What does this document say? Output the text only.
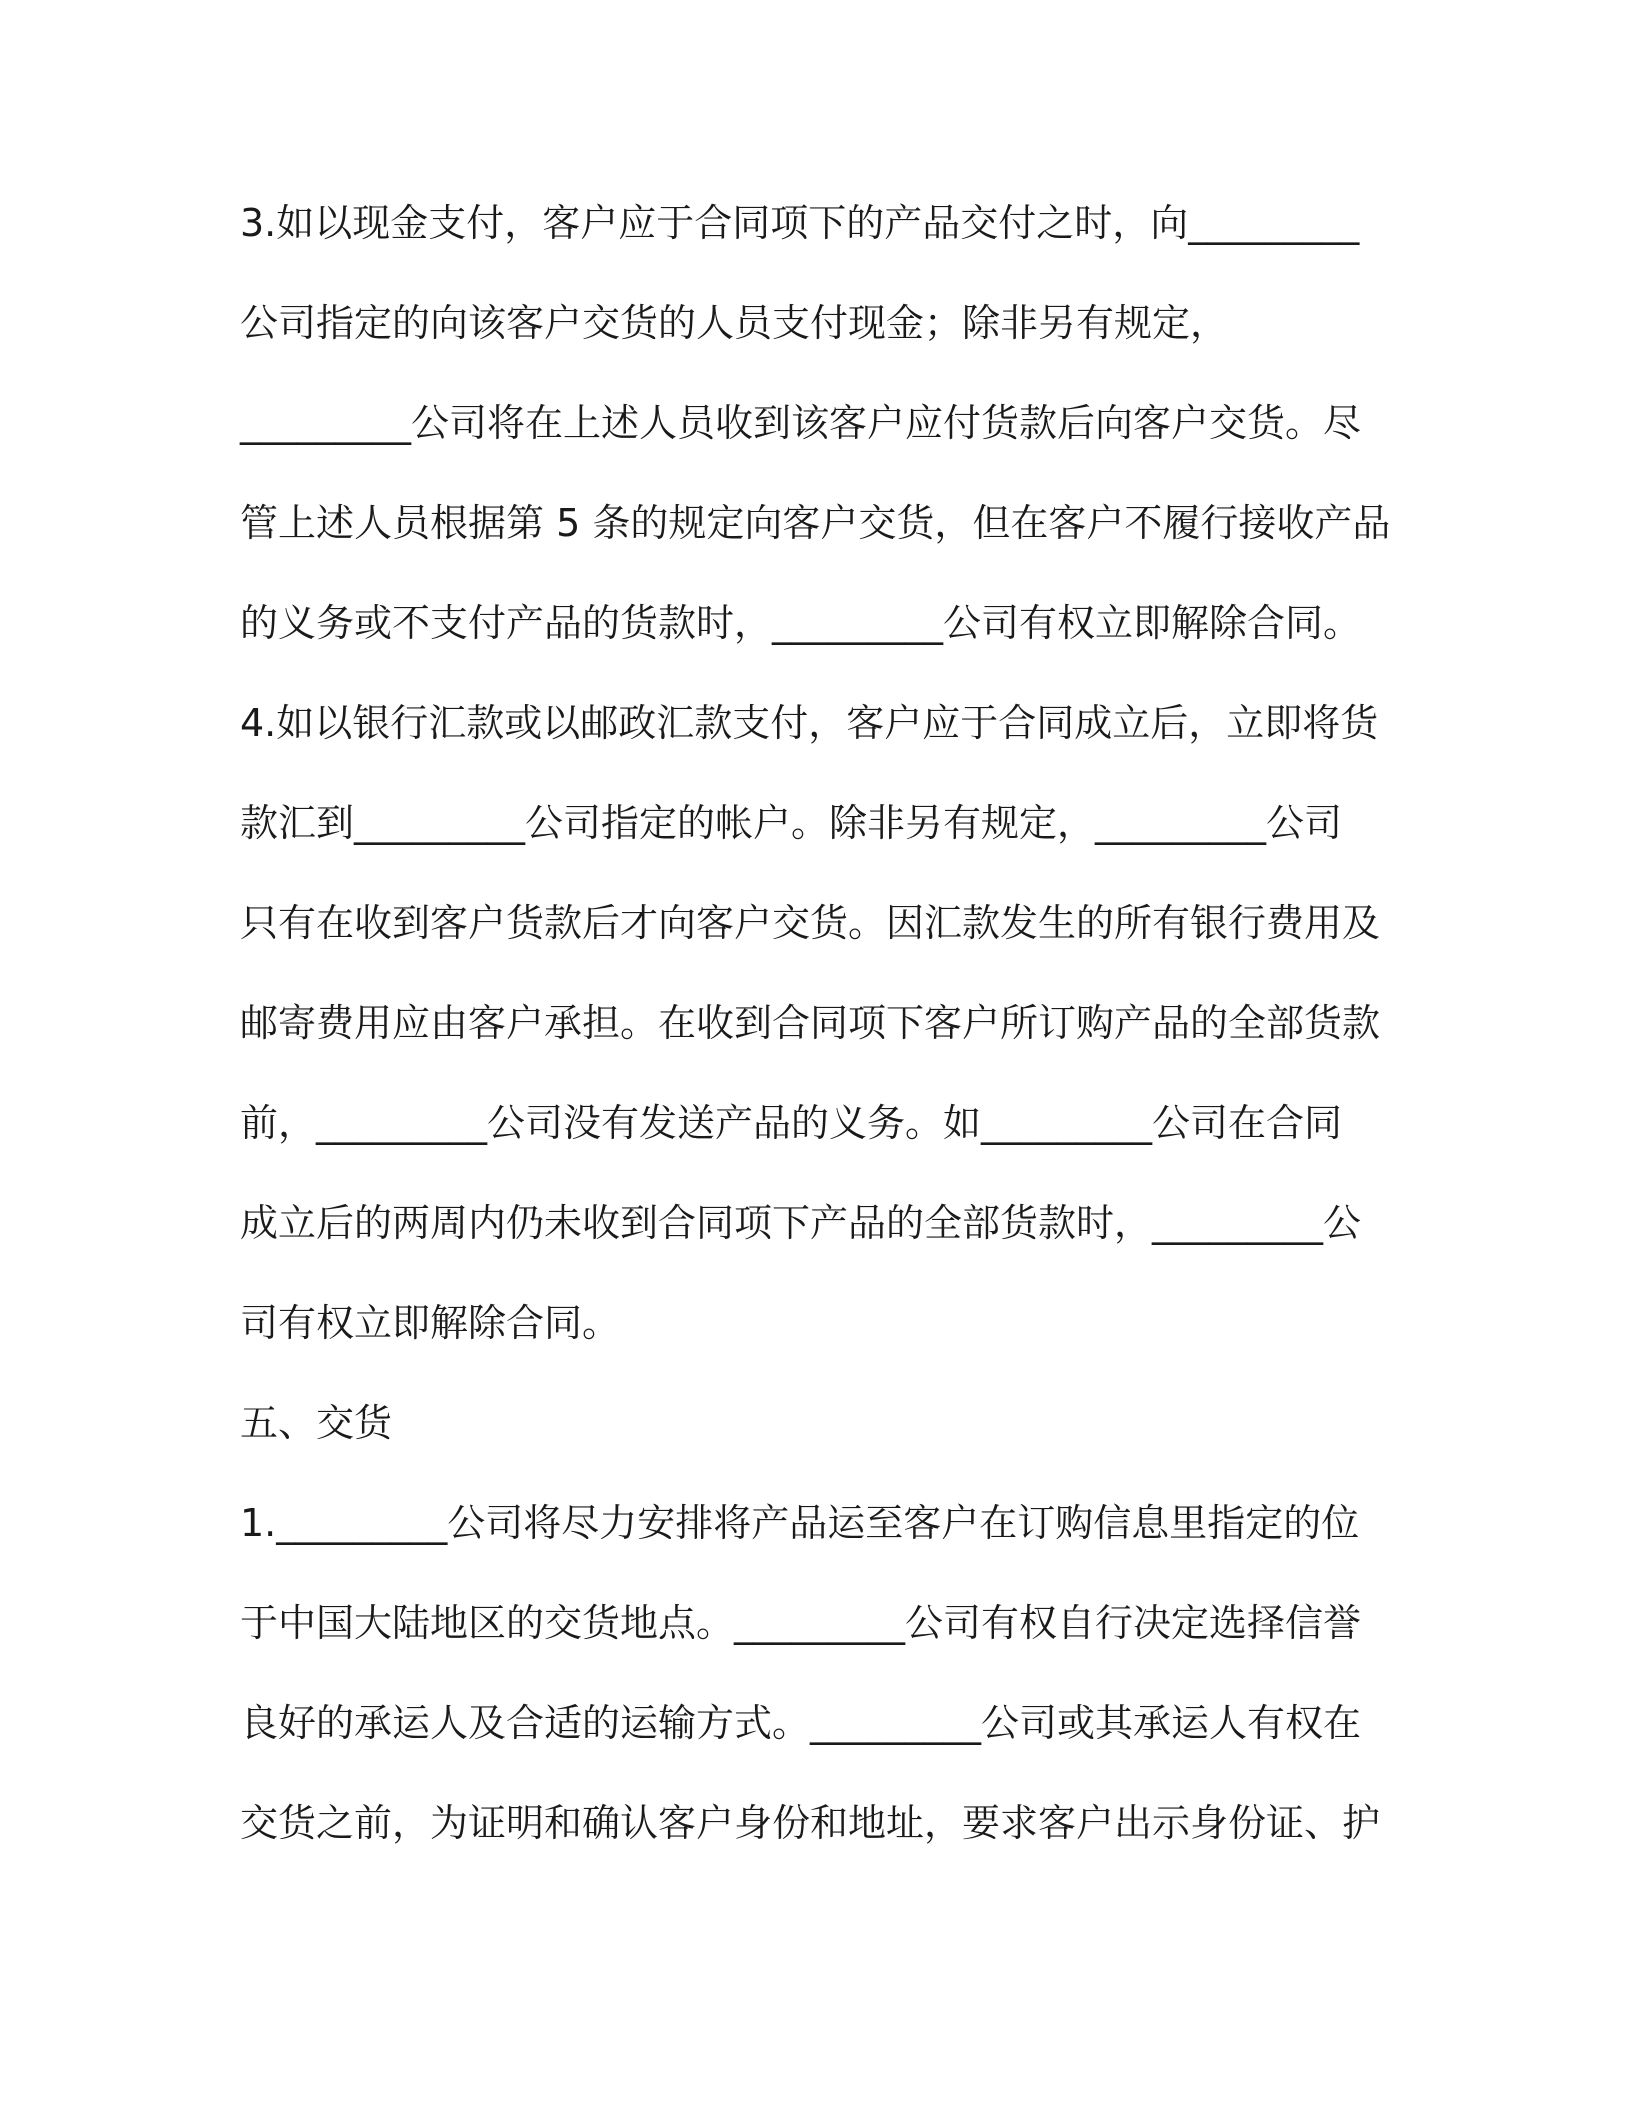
3.如以现金支付，客户应于合同项下的产品交付之时，向_________
公司指定的向该客户交货的人员支付现金；除非另有规定，
_________公司将在上述人员收到该客户应付货款后向客户交货。尽
管上述人员根据第 5 条的规定向客户交货，但在客户不履行接收产品
的义务或不支付产品的货款时，_________公司有权立即解除合同。
4.如以银行汇款或以邮政汇款支付，客户应于合同成立后，立即将货
款汇到_________公司指定的帐户。除非另有规定，_________公司
只有在收到客户货款后才向客户交货。因汇款发生的所有银行费用及
邮寄费用应由客户承担。在收到合同项下客户所订购产品的全部货款
前，_________公司没有发送产品的义务。如_________公司在合同
成立后的两周内仍未收到合同项下产品的全部货款时，_________公
司有权立即解除合同。
五、交货
1._________公司将尽力安排将产品运至客户在订购信息里指定的位
于中国大陆地区的交货地点。_________公司有权自行决定选择信誉
良好的承运人及合适的运输方式。_________公司或其承运人有权在
交货之前，为证明和确认客户身份和地址，要求客户出示身份证、护
